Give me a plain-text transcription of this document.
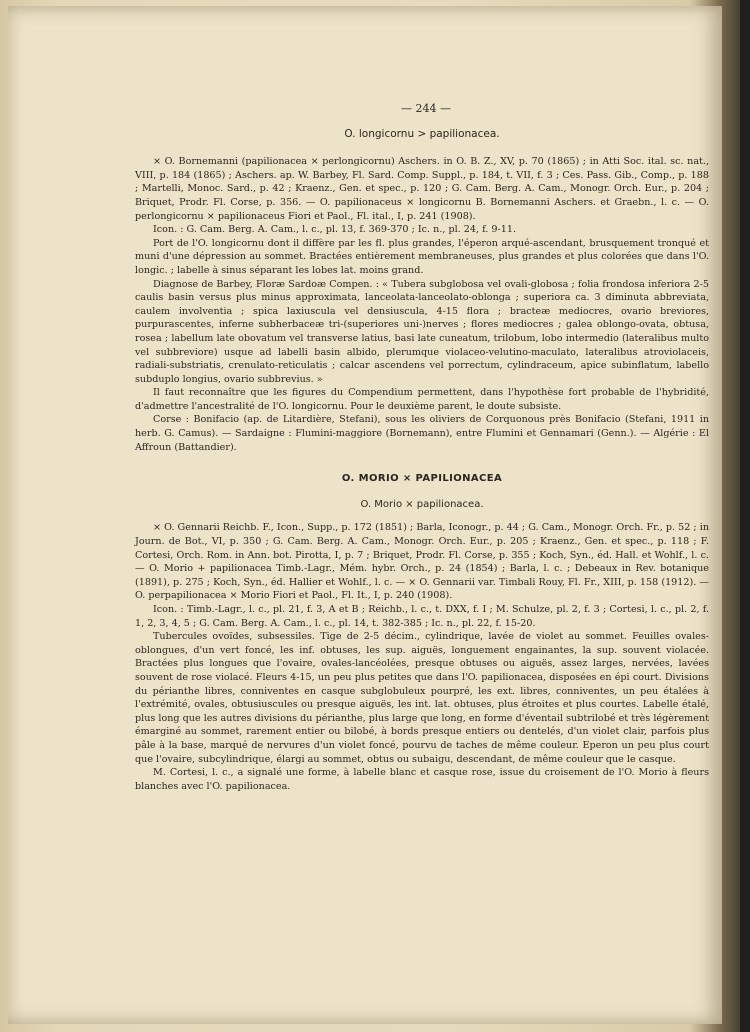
— 244 —
O. longicornu > papilionacea.

× O. Bornemanni (papilionacea × perlongicornu) Aschers. in O. B. Z., XV, p. 70 (1865) ; in Atti Soc. ital. sc. nat., VIII, p. 184 (1865) ; Aschers. ap. W. Barbey, Fl. Sard. Comp. Suppl., p. 184, t. VII, f. 3 ; Ces. Pass. Gib., Comp., p. 188 ; Martelli, Monoc. Sard., p. 42 ; Kraenz., Gen. et spec., p. 120 ; G. Cam. Berg. A. Cam., Monogr. Orch. Eur., p. 204 ; Briquet, Prodr. Fl. Corse, p. 356. — O. papilionaceus × longicornu B. Bornemanni Aschers. et Graebn., l. c. — O. perlongicornu × papilionaceus Fiori et Paol., Fl. ital., I, p. 241 (1908).

Icon. : G. Cam. Berg. A. Cam., l. c., pl. 13, f. 369-370 ; Ic. n., pl. 24, f. 9-11.

Port de l'O. longicornu dont il diffère par les fl. plus grandes, l'éperon arqué-ascendant, brusquement tronqué et muni d'une dépression au sommet. Bractées entièrement membraneuses, plus grandes et plus colorées que dans l'O. longic. ; labelle à sinus séparant les lobes lat. moins grand.

Diagnose de Barbey, Floræ Sardoæ Compen. : « Tubera subglobosa vel ovali-globosa ; folia frondosa inferiora 2-5 caulis basin versus plus minus approximata, lanceolata-lanceolato-oblonga ; superiora ca. 3 diminuta abbreviata, caulem involventia ; spica laxiuscula vel densiuscula, 4-15 flora ; bracteæ mediocres, ovario breviores, purpurascentes, inferne subherbaceæ tri-(superiores uni-)nerves ; flores mediocres ; galea oblongo-ovata, obtusa, rosea ; labellum late obovatum vel transverse latius, basi late cuneatum, trilobum, lobo intermedio (lateralibus multo vel subbreviore) usque ad labelli basin albido, plerumque violaceo-velutino-maculato, lateralibus atroviolaceis, radiali-substriatis, crenulato-reticulatis ; calcar ascendens vel porrectum, cylindraceum, apice subinflatum, labello subduplo longius, ovario subbrevius. »

Il faut reconnaître que les figures du Compendium permettent, dans l'hypothèse fort probable de l'hybridité, d'admettre l'ancestralité de l'O. longicornu. Pour le deuxième parent, le doute subsiste.

Corse : Bonifacio (ap. de Litardière, Stefani), sous les oliviers de Corquonous près Bonifacio (Stefani, 1911 in herb. G. Camus). — Sardaigne : Flumini-maggiore (Bornemann), entre Flumini et Gennamari (Genn.). — Algérie : El Affroun (Battandier).

O. MORIO × PAPILIONACEA
O. Morio × papilionacea.

× O. Gennarii Reichb. F., Icon., Supp., p. 172 (1851) ; Barla, Iconogr., p. 44 ; G. Cam., Monogr. Orch. Fr., p. 52 ; in Journ. de Bot., VI, p. 350 ; G. Cam. Berg. A. Cam., Monogr. Orch. Eur., p. 205 ; Kraenz., Gen. et spec., p. 118 ; F. Cortesi, Orch. Rom. in Ann. bot. Pirotta, I, p. 7 ; Briquet, Prodr. Fl. Corse, p. 355 ; Koch, Syn., éd. Hall. et Wohlf., l. c. — O. Morio + papilionacea Timb.-Lagr., Mém. hybr. Orch., p. 24 (1854) ; Barla, l. c. ; Debeaux in Rev. botanique (1891), p. 275 ; Koch, Syn., éd. Hallier et Wohlf., l. c. — × O. Gennarii var. Timbali Rouy, Fl. Fr., XIII, p. 158 (1912). — O. perpapilionacea × Morio Fiori et Paol., Fl. It., I, p. 240 (1908).

Icon. : Timb.-Lagr., l. c., pl. 21, f. 3, A et B ; Reichb., l. c., t. DXX, f. I ; M. Schulze, pl. 2, f. 3 ; Cortesi, l. c., pl. 2, f. 1, 2, 3, 4, 5 ; G. Cam. Berg. A. Cam., l. c., pl. 14, t. 382-385 ; Ic. n., pl. 22, f. 15-20.

Tubercules ovoïdes, subsessiles. Tige de 2-5 décim., cylindrique, lavée de violet au sommet. Feuilles ovales-oblongues, d'un vert foncé, les inf. obtuses, les sup. aiguës, longuement engainantes, la sup. souvent violacée. Bractées plus longues que l'ovaire, ovales-lancéolées, presque obtuses ou aiguës, assez larges, nervées, lavées souvent de rose violacé. Fleurs 4-15, un peu plus petites que dans l'O. papilionacea, disposées en épi court. Divisions du périanthe libres, conniventes en casque subglobuleux pourpré, les ext. libres, conniventes, un peu étalées à l'extrémité, ovales, obtusiuscules ou presque aiguës, les int. lat. obtuses, plus étroites et plus courtes. Labelle étalé, plus long que les autres divisions du périanthe, plus large que long, en forme d'éventail subtrilobé et très légèrement émarginé au sommet, rarement entier ou bilobé, à bords presque entiers ou dentelés, d'un violet clair, parfois plus pâle à la base, marqué de nervures d'un violet foncé, pourvu de taches de même couleur. Eperon un peu plus court que l'ovaire, subcylindrique, élargi au sommet, obtus ou subaigu, descendant, de même couleur que le casque.

M. Cortesi, l. c., a signalé une forme, à labelle blanc et casque rose, issue du croisement de l'O. Morio à fleurs blanches avec l'O. papilionacea.
